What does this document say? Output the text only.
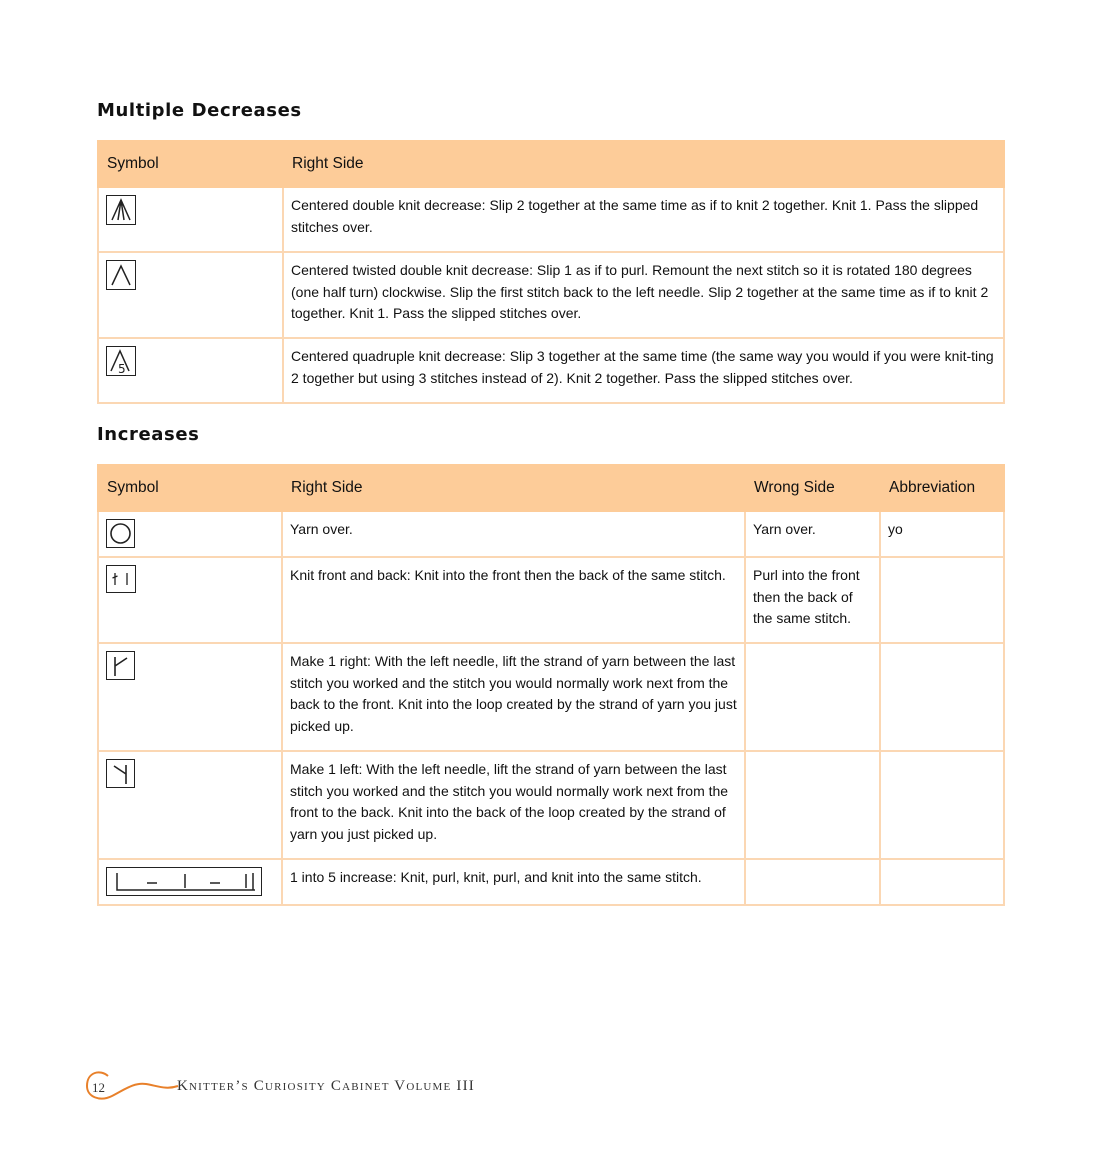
Multiple Decreases
Symbol	Right Side

	Centered double knit decrease: Slip 2 together at the same time as if to knit 2 together. Knit 1. Pass the slipped stitches over.

	Centered twisted double knit decrease: Slip 1 as if to purl. Remount the next stitch so it is rotated 180 degrees (one half turn) clockwise. Slip the first stitch back to the left needle. Slip 2 together at the same time as if to knit 2 together. Knit 1. Pass the slipped stitches over.

5	Centered quadruple knit decrease: Slip 3 together at the same time (the same way you would if you were knit-ting 2 together but using 3 stitches instead of 2). Knit 2 together. Pass the slipped stitches over.
Increases
Symbol	Right Side	Wrong Side	Abbreviation

	Yarn over.	Yarn over.	yo

	Knit front and back: Knit into the front then the back of the same stitch.	Purl into the front then the back of the same stitch.	

	Make 1 right: With the left needle, lift the strand of yarn between the last stitch you worked and the stitch you would normally work next from the back to the front. Knit into the loop created by the strand of yarn you just picked up.		

	Make 1 left: With the left needle, lift the strand of yarn between the last stitch you worked and the stitch you would normally work next from the front to the back. Knit into the back of the loop created by the strand of yarn you just picked up.		

	1 into 5 increase: Knit, purl, knit, purl, and knit into the same stitch.		
12	Knitter’s Curiosity Cabinet Volume III
